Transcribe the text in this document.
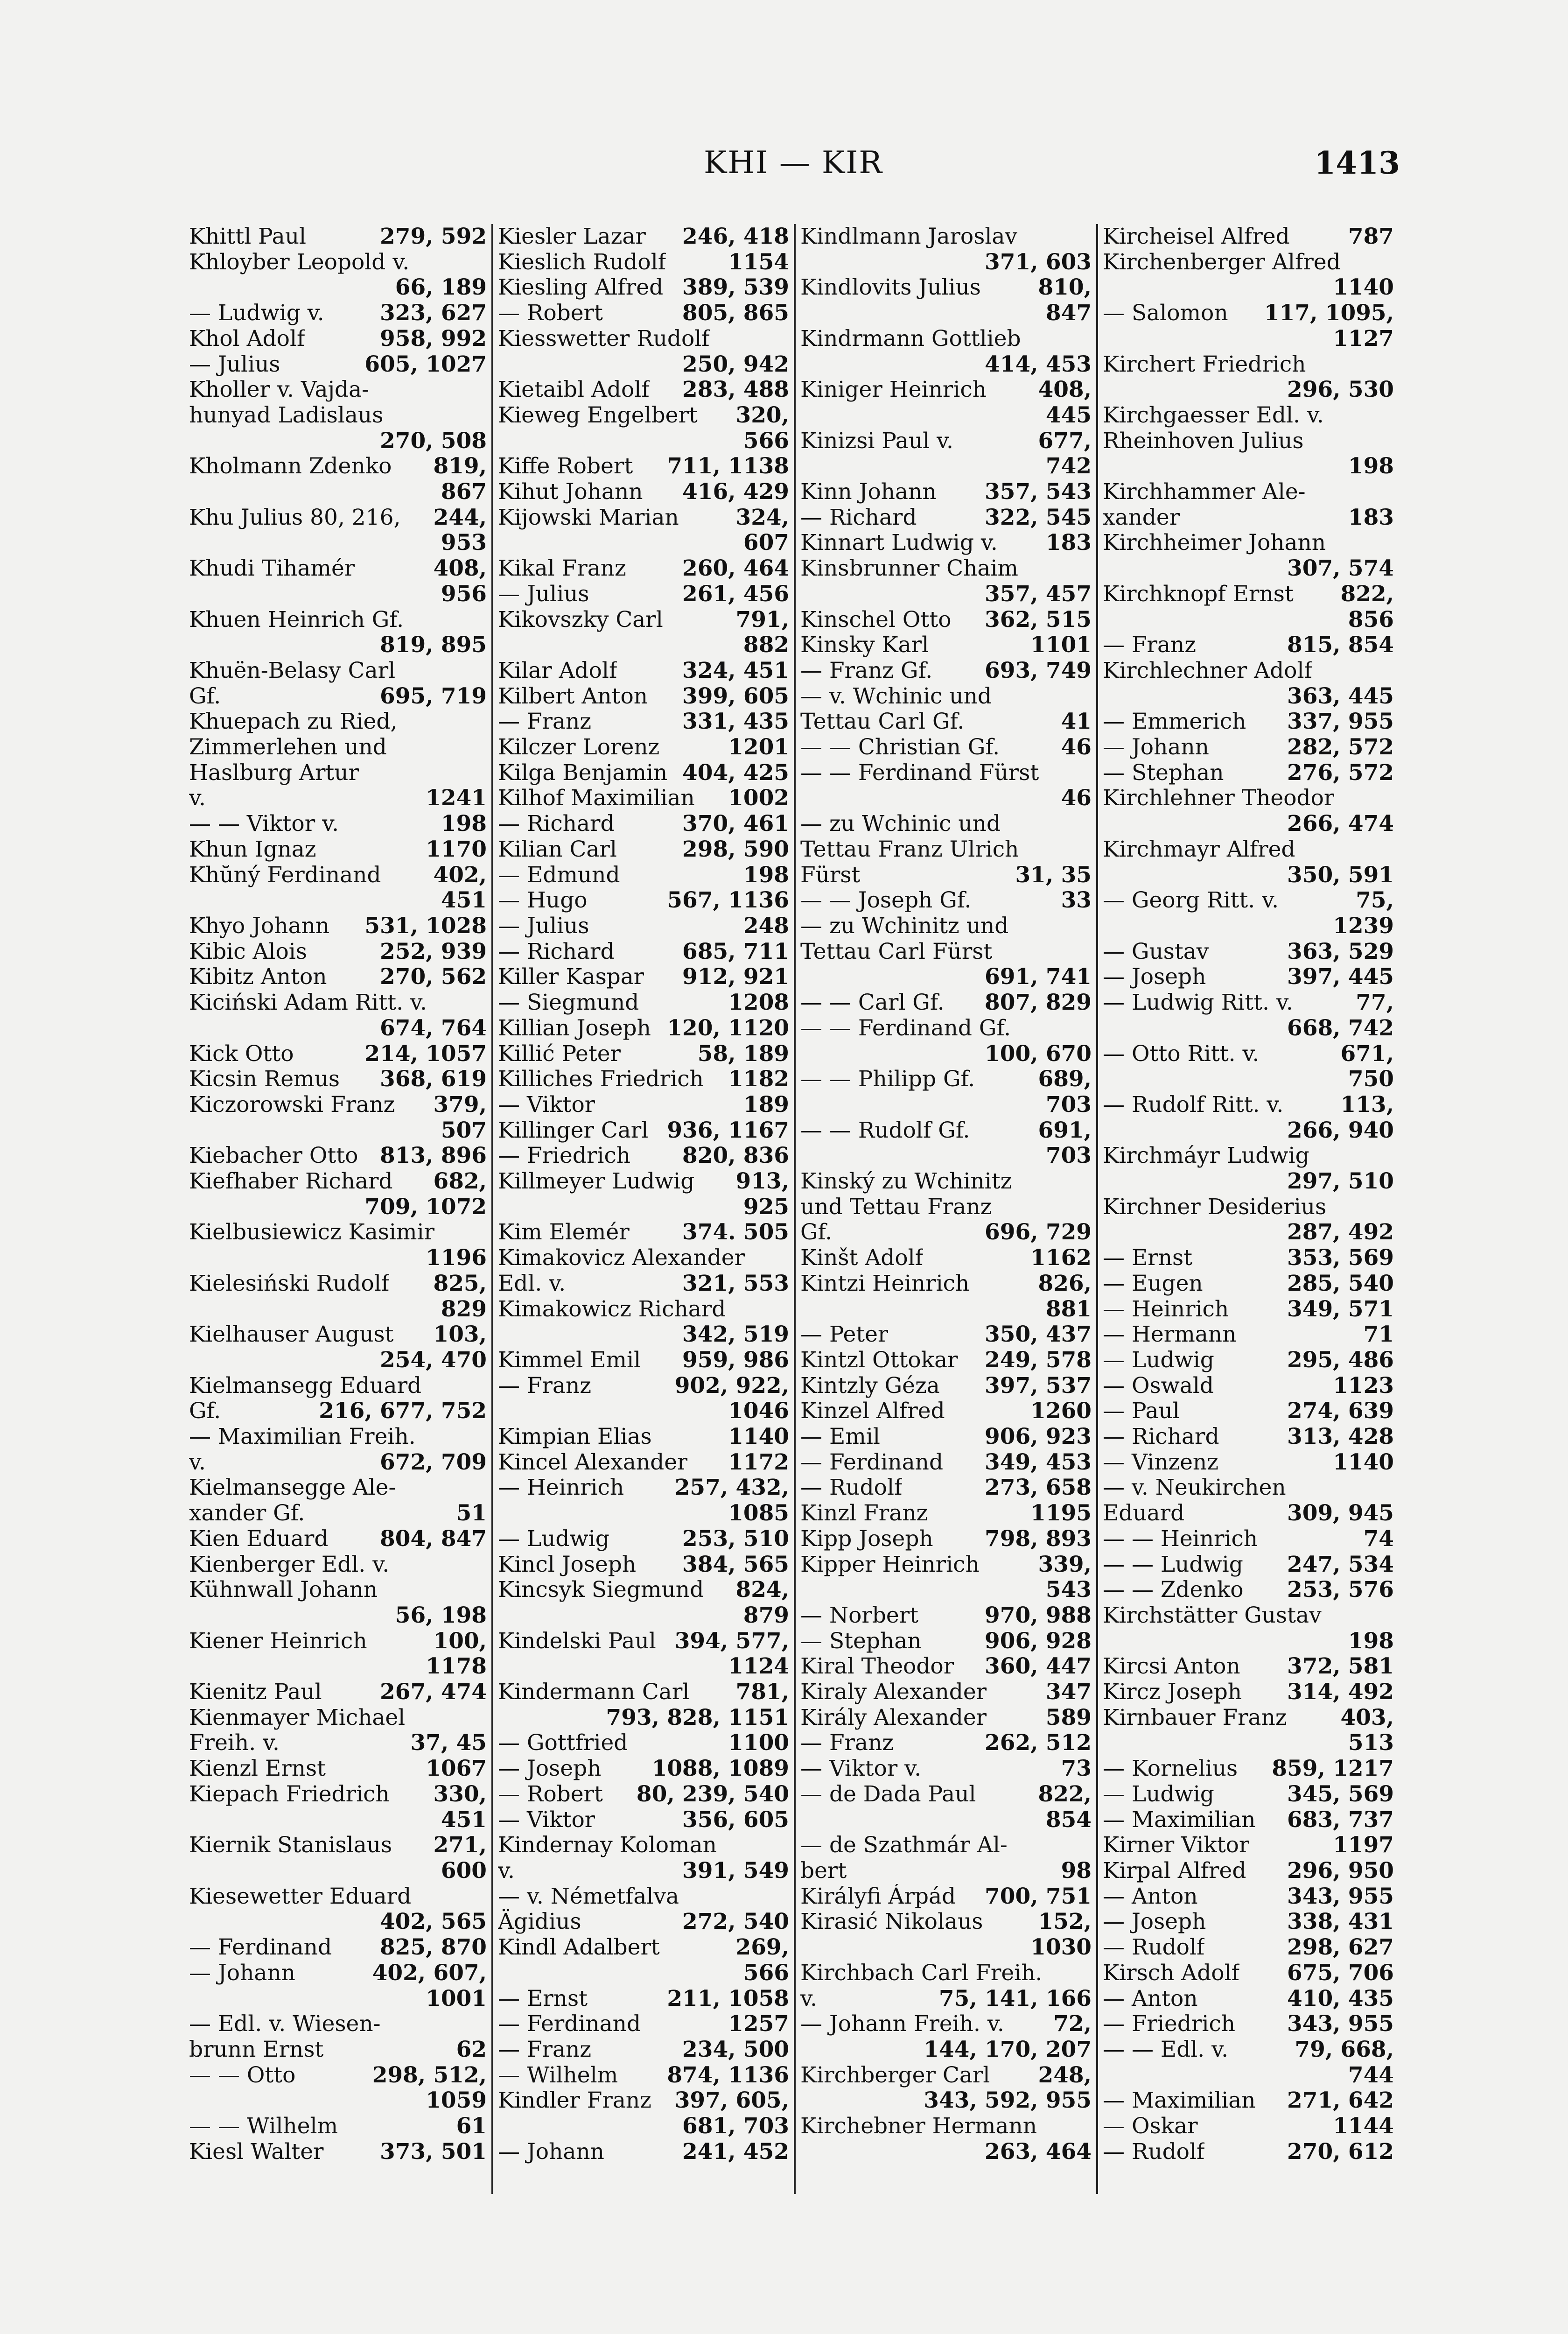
KHI — KIR	1413
Khittl Paul	279, 592
Khloyber Leopold v.
66, 189
— Ludwig v.	323, 627
Khol Adolf	958, 992
— Julius	605, 1027
Kholler v. Vajda-
hunyad Ladislaus
270, 508
Kholmann Zdenko 819,
867
Khu Julius 80, 216, 244,
953
Khudi Tihamér	408,
956
Khuen Heinrich Gf.
819, 895
Khuën-Belasy Carl
Gf.	695, 719
Khuepach zu Ried,
Zimmerlehen und
Haslburg Artur
v.	1241
— — Viktor v.	198
Khun Ignaz	1170
Khŭný Ferdinand 402,
451
Khyo Johann 531, 1028
Kibic Alois	252, 939
Kibitz Anton 270, 562
Kiciński Adam Ritt. v.
674, 764
Kick Otto	214, 1057
Kicsin Remus 368, 619
Kiczorowski Franz 379,
507
Kiebacher Otto 813, 896
Kiefhaber Richard 682,
709, 1072
Kielbusiewicz Kasimir
1196
Kielesiński Rudolf 825,
829
Kielhauser August 103,
254, 470
Kielmansegg Eduard
Gf.	216, 677, 752
— Maximilian Freih.
v.	672, 709
Kielmansegge Ale-
xander Gf.	51
Kien Eduard 804, 847
Kienberger Edl. v.
Kühnwall Johann
56, 198
Kiener Heinrich	100,
1178
Kienitz Paul	267, 474
Kienmayer Michael
Freih. v.	37, 45
Kienzl Ernst	1067
Kiepach Friedrich 330,
451
Kiernik Stanislaus 271,
600
Kiesewetter Eduard
402, 565
— Ferdinand 825, 870
— Johann	402, 607,
1001
— Edl. v. Wiesen-
brunn Ernst	62
— — Otto	298, 512,
1059
— — Wilhelm	61
Kiesl Walter	373, 501
Kiesler Lazar 246, 418
Kieslich Rudolf	1154
Kiesling Alfred 389, 539
— Robert	805, 865
Kiesswetter Rudolf
250, 942
Kietaibl Adolf 283, 488
Kieweg Engelbert 320,
566
Kiffe Robert 711, 1138
Kihut Johann 416, 429
Kijowski Marian	324,
607
Kikal Franz	260, 464
— Julius	261, 456
Kikovszky Carl	791,
882
Kilar Adolf	324, 451
Kilbert Anton 399, 605
— Franz	331, 435
Kilczer Lorenz	1201
Kilga Benjamin 404, 425
Kilhof Maximilian 1002
— Richard	370, 461
Kilian Carl	298, 590
— Edmund	198
— Hugo	567, 1136
— Julius	248
— Richard	685, 711
Killer Kaspar 912, 921
— Siegmund	1208
Killian Joseph 120, 1120
Killić Peter	58, 189
Killiches Friedrich 1182
— Viktor	189
Killinger Carl 936, 1167
— Friedrich 820, 836
Killmeyer Ludwig 913,
925
Kim Elemér 374. 505
Kimakovicz Alexander
Edl. v.	321, 553
Kimakowicz Richard
342, 519
Kimmel Emil 959, 986
— Franz	902, 922,
1046
Kimpian Elias	1140
Kincel Alexander 1172
— Heinrich 257, 432,
1085
— Ludwig	253, 510
Kincl Joseph 384, 565
Kincsyk Siegmund 824,
879
Kindelski Paul 394, 577,
1124
Kindermann Carl 781,
793, 828, 1151
— Gottfried	1100
— Joseph 1088, 1089
— Robert 80, 239, 540
— Viktor	356, 605
Kindernay Koloman
v.	391, 549
— v. Németfalva
Ägidius	272, 540
Kindl Adalbert	269,
566
— Ernst	211, 1058
— Ferdinand	1257
— Franz	234, 500
— Wilhelm 874, 1136
Kindler Franz 397, 605,
681, 703
— Johann	241, 452
Kindlmann Jaroslav
371, 603
Kindlovits Julius	810,
847
Kindrmann Gottlieb
414, 453
Kiniger Heinrich 408,
445
Kinizsi Paul v.	677,
742
Kinn Johann 357, 543
— Richard	322, 545
Kinnart Ludwig v. 183
Kinsbrunner Chaim
357, 457
Kinschel Otto 362, 515
Kinsky Karl	1101
— Franz Gf. 693, 749
— v. Wchinic und
Tettau Carl Gf.	41
— — Christian Gf.	46
— — Ferdinand Fürst
46
— zu Wchinic und
Tettau Franz Ulrich
Fürst	31, 35
— — Joseph Gf.	33
— zu Wchinitz und
Tettau Carl Fürst
691, 741
— — Carl Gf. 807, 829
— — Ferdinand Gf.
100, 670
— — Philipp Gf.	689,
703
— — Rudolf Gf.	691,
703
Kinský zu Wchinitz
und Tettau Franz
Gf.	696, 729
Kinšt Adolf	1162
Kintzi Heinrich	826,
881
— Peter	350, 437
Kintzl Ottokar 249, 578
Kintzly Géza 397, 537
Kinzel Alfred	1260
— Emil	906, 923
— Ferdinand 349, 453
— Rudolf	273, 658
Kinzl Franz	1195
Kipp Joseph 798, 893
Kipper Heinrich	339,
543
— Norbert	970, 988
— Stephan	906, 928
Kiral Theodor 360, 447
Kiraly Alexander	347
Király Alexander	589
— Franz	262, 512
— Viktor v.	73
— de Dada Paul	822,
854
— de Szathmár Al-
bert	98
Királyfi Árpád 700, 751
Kirasić Nikolaus	152,
1030
Kirchbach Carl Freih.
v.	75, 141, 166
— Johann Freih. v. 72,
144, 170, 207
Kirchberger Carl 248,
343, 592, 955
Kirchebner Hermann
263, 464
Kircheisel Alfred	787
Kirchenberger Alfred
1140
— Salomon 117, 1095,
1127
Kirchert Friedrich
296, 530
Kirchgaesser Edl. v.
Rheinhoven Julius
198
Kirchhammer Ale-
xander	183
Kirchheimer Johann
307, 574
Kirchknopf Ernst 822,
856
— Franz	815, 854
Kirchlechner Adolf
363, 445
— Emmerich 337, 955
— Johann	282, 572
— Stephan	276, 572
Kirchlehner Theodor
266, 474
Kirchmayr Alfred
350, 591
— Georg Ritt. v.	75,
1239
— Gustav	363, 529
— Joseph	397, 445
— Ludwig Ritt. v.	77,
668, 742
— Otto Ritt. v.	671,
750
— Rudolf Ritt. v.	113,
266, 940
Kirchmáyr Ludwig
297, 510
Kirchner Desiderius
287, 492
— Ernst	353, 569
— Eugen	285, 540
— Heinrich	349, 571
— Hermann	71
— Ludwig	295, 486
— Oswald	1123
— Paul	274, 639
— Richard	313, 428
— Vinzenz	1140
— v. Neukirchen
Eduard	309, 945
— — Heinrich	74
— — Ludwig 247, 534
— — Zdenko 253, 576
Kirchstätter Gustav
198
Kircsi Anton 372, 581
Kircz Joseph 314, 492
Kirnbauer Franz 403,
513
— Kornelius 859, 1217
— Ludwig	345, 569
— Maximilian 683, 737
Kirner Viktor	1197
Kirpal Alfred 296, 950
— Anton	343, 955
— Joseph	338, 431
— Rudolf	298, 627
Kirsch Adolf 675, 706
— Anton	410, 435
— Friedrich 343, 955
— — Edl. v.	79, 668,
744
— Maximilian 271, 642
— Oskar	1144
— Rudolf	270, 612
